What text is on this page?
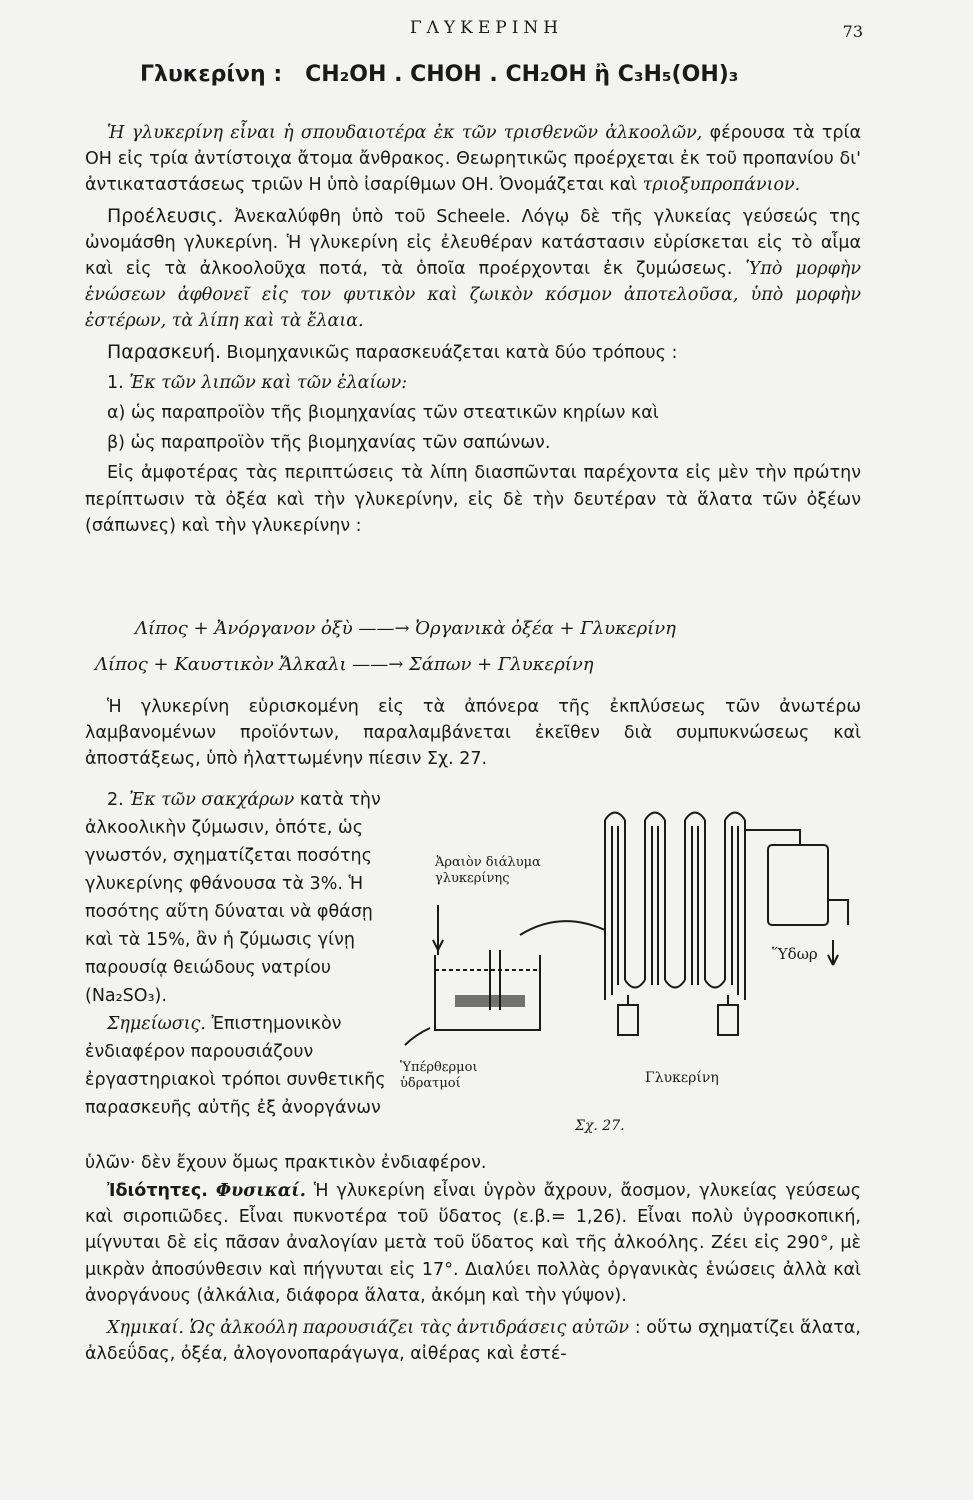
ΓΛΥΚΕΡΙΝΗ	73
Γλυκερίνη :   CH₂OH . CHOH . CH₂OH ἢ C₃H₅(OH)₃

Ἡ γλυκερίνη εἶναι ἡ σπουδαιοτέρα ἐκ τῶν τρισθενῶν ἀλκοολῶν, φέρουσα τὰ τρία ΟΗ εἰς τρία ἀντίστοιχα ἄτομα ἄνθρακος. Θεωρητικῶς προέρχεται ἐκ τοῦ προπανίου δι' ἀντικαταστάσεως τριῶν Η ὑπὸ ἰσαρίθμων ΟΗ. Ὀνομάζεται καὶ τριοξυπροπάνιον.

Προέλευσις. Ἀνεκαλύφθη ὑπὸ τοῦ Scheele. Λόγῳ δὲ τῆς γλυκείας γεύσεώς της ὠνομάσθη γλυκερίνη. Ἡ γλυκερίνη εἰς ἐλευθέραν κατάστασιν εὑρίσκεται εἰς τὸ αἷμα καὶ εἰς τὰ ἀλκοολοῦχα ποτά, τὰ ὁποῖα προέρχονται ἐκ ζυμώσεως. Ὑπὸ μορφὴν ἑνώσεων ἀφθονεῖ εἰς τον φυτικὸν καὶ ζωικὸν κόσμον ἀποτελοῦσα, ὑπὸ μορφὴν ἐστέρων, τὰ λίπη καὶ τὰ ἔλαια.

Παρασκευή. Βιομηχανικῶς παρασκευάζεται κατὰ δύο τρόπους :

1. Ἐκ τῶν λιπῶν καὶ τῶν ἐλαίων:

α) ὡς παραπροϊὸν τῆς βιομηχανίας τῶν στεατικῶν κηρίων καὶ

β) ὡς παραπροϊὸν τῆς βιομηχανίας τῶν σαπώνων.

Εἰς ἀμφοτέρας τὰς περιπτώσεις τὰ λίπη διασπῶνται παρέχοντα εἰς μὲν τὴν πρώτην περίπτωσιν τὰ ὀξέα καὶ τὴν γλυκερίνην, εἰς δὲ τὴν δευτέραν τὰ ἅλατα τῶν ὀξέων (σάπωνες) καὶ τὴν γλυκερίνην :

Λίπος + Ἀνόργανον ὀξὺ ——→ Ὀργανικὰ ὀξέα + Γλυκερίνη
Λίπος + Καυστικὸν Ἄλκαλι ——→ Σάπων + Γλυκερίνη

Ἡ γλυκερίνη εὑρισκομένη εἰς τὰ ἀπόνερα τῆς ἐκπλύσεως τῶν ἀνωτέρω λαμβανομένων προϊόντων, παραλαμβάνεται ἐκεῖθεν διὰ συμπυκνώσεως καὶ ἀποστάξεως, ὑπὸ ἠλαττωμένην πίεσιν Σχ. 27.

2. Ἐκ τῶν σακχάρων κατὰ τὴν ἀλκοολικὴν ζύμωσιν, ὁπότε, ὡς γνωστόν, σχηματίζεται ποσότης γλυκερίνης φθάνουσα τὰ 3%. Ἡ ποσότης αὕτη δύναται νὰ φθάσῃ καὶ τὰ 15%, ἂν ἡ ζύμωσις γίνῃ παρουσίᾳ θειώδους νατρίου (Na₂SO₃).

Σημείωσις. Ἐπιστημονικὸν ἐνδιαφέρον παρουσιάζουν ἐργαστηριακοὶ τρόποι συνθετικῆς παρασκευῆς αὐτῆς ἐξ ἀνοργάνων

ὑλῶν· δὲν ἔχουν ὅμως πρακτικὸν ἐνδιαφέρον.

Ἀραιὸν διάλυμα γλυκερίνης
Ὕδωρ
Ὑπέρθερμοι ὑδρατμοί	Γλυκερίνη
Σχ. 27.

Ἰδιότητες. Φυσικαί. Ἡ γλυκερίνη εἶναι ὑγρὸν ἄχρουν, ἄοσμον, γλυκείας γεύσεως καὶ σιροπιῶδες. Εἶναι πυκνοτέρα τοῦ ὕδατος (ε.β.= 1,26). Εἶναι πολὺ ὑγροσκοπική, μίγνυται δὲ εἰς πᾶσαν ἀναλογίαν μετὰ τοῦ ὕδατος καὶ τῆς ἀλκοόλης. Ζέει εἰς 290°, μὲ μικρὰν ἀποσύνθεσιν καὶ πήγνυται εἰς 17°. Διαλύει πολλὰς ὀργανικὰς ἑνώσεις ἀλλὰ καὶ ἀνοργάνους (ἀλκάλια, διάφορα ἅλατα, ἀκόμη καὶ τὴν γύψον).

Χημικαί. Ὡς ἀλκοόλη παρουσιάζει τὰς ἀντιδράσεις αὐτῶν : οὕτω σχηματίζει ἅλατα, ἀλδεΰδας, ὀξέα, ἀλογονοπαράγωγα, αἰθέρας καὶ ἐστέ-
